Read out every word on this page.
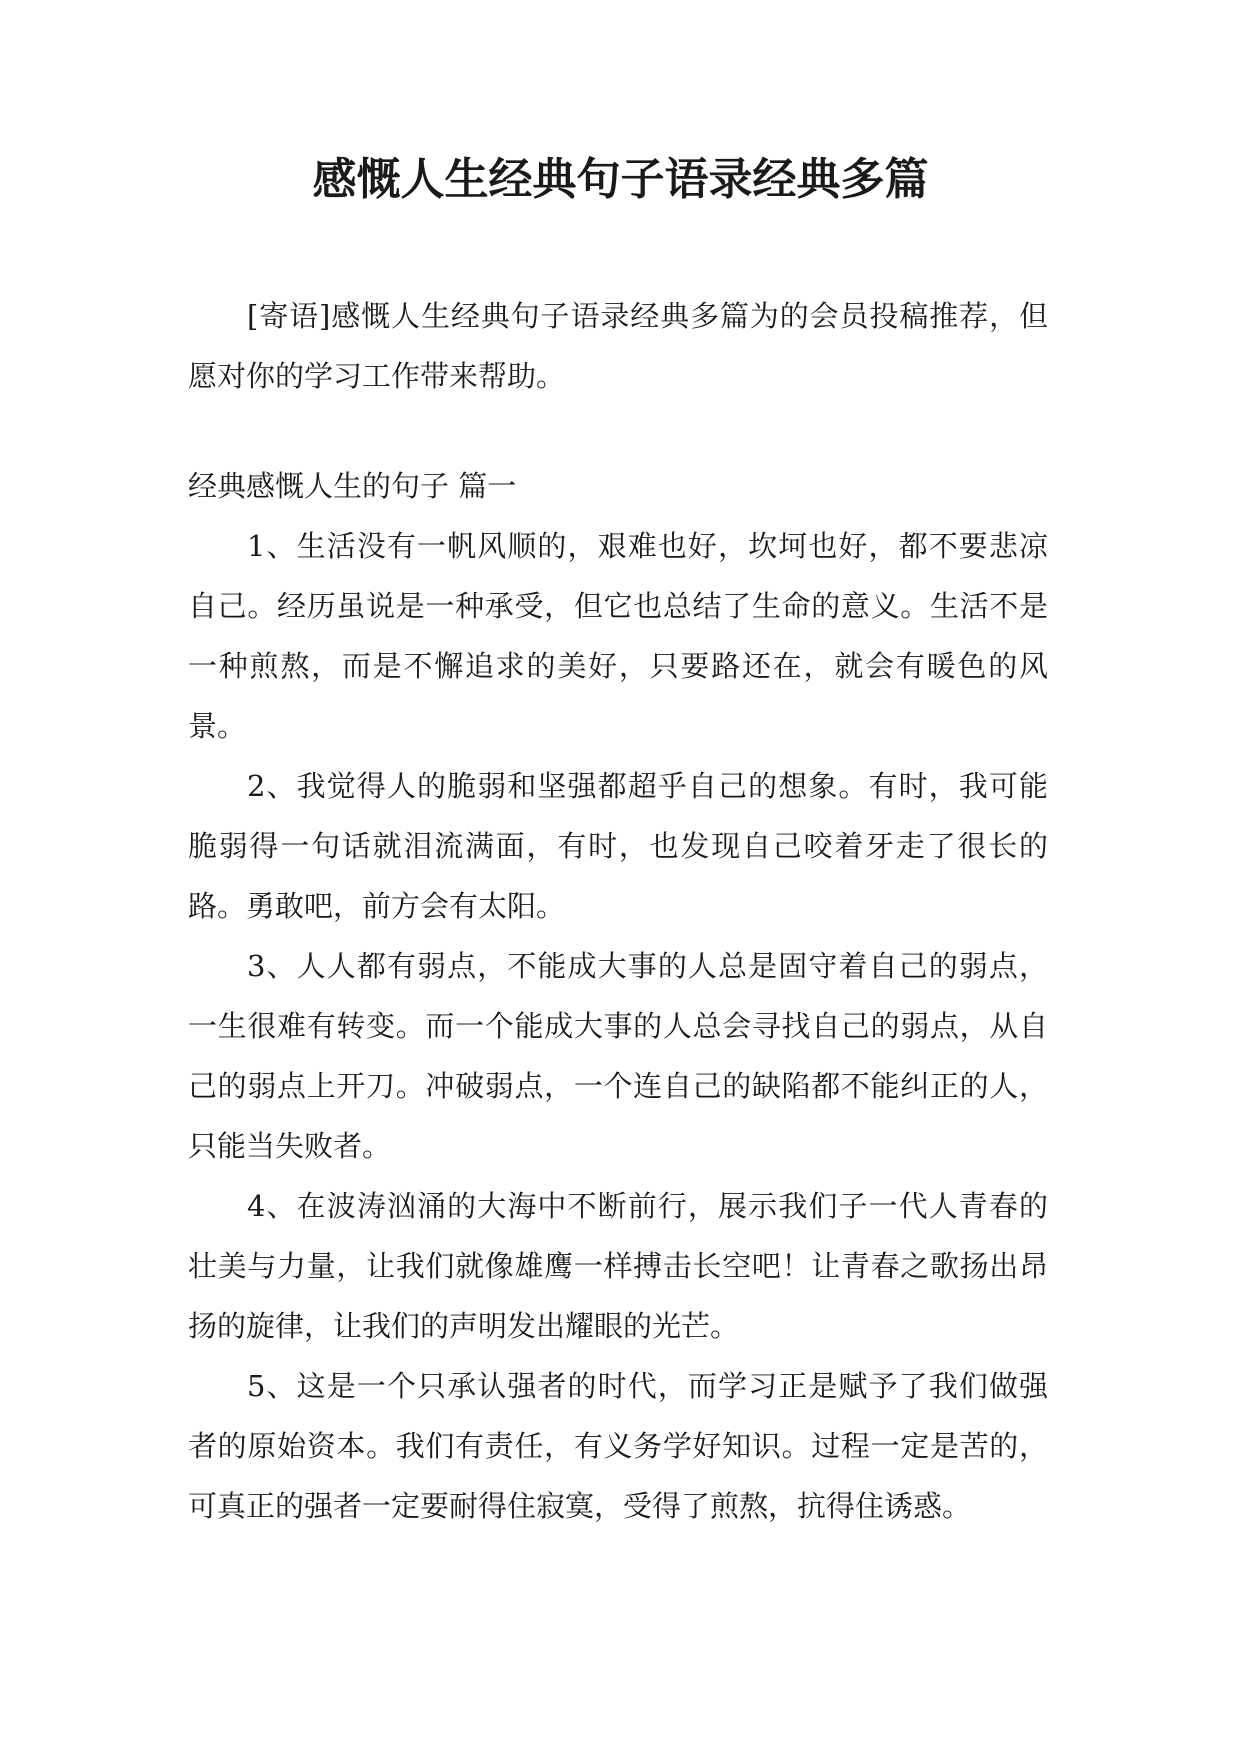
感慨人生经典句子语录经典多篇

[寄语]感慨人生经典句子语录经典多篇为的会员投稿推荐，但愿对你的学习工作带来帮助。

经典感慨人生的句子 篇一

1、生活没有一帆风顺的，艰难也好，坎坷也好，都不要悲凉自己。经历虽说是一种承受，但它也总结了生命的意义。生活不是一种煎熬，而是不懈追求的美好，只要路还在，就会有暖色的风景。

2、我觉得人的脆弱和坚强都超乎自己的想象。有时，我可能脆弱得一句话就泪流满面，有时，也发现自己咬着牙走了很长的路。勇敢吧，前方会有太阳。

3、人人都有弱点，不能成大事的人总是固守着自己的弱点，一生很难有转变。而一个能成大事的人总会寻找自己的弱点，从自己的弱点上开刀。冲破弱点，一个连自己的缺陷都不能纠正的人，只能当失败者。

4、在波涛汹涌的大海中不断前行，展示我们子一代人青春的壮美与力量，让我们就像雄鹰一样搏击长空吧！让青春之歌扬出昂扬的旋律，让我们的声明发出耀眼的光芒。

5、这是一个只承认强者的时代，而学习正是赋予了我们做强者的原始资本。我们有责任，有义务学好知识。过程一定是苦的，可真正的强者一定要耐得住寂寞，受得了煎熬，抗得住诱惑。
